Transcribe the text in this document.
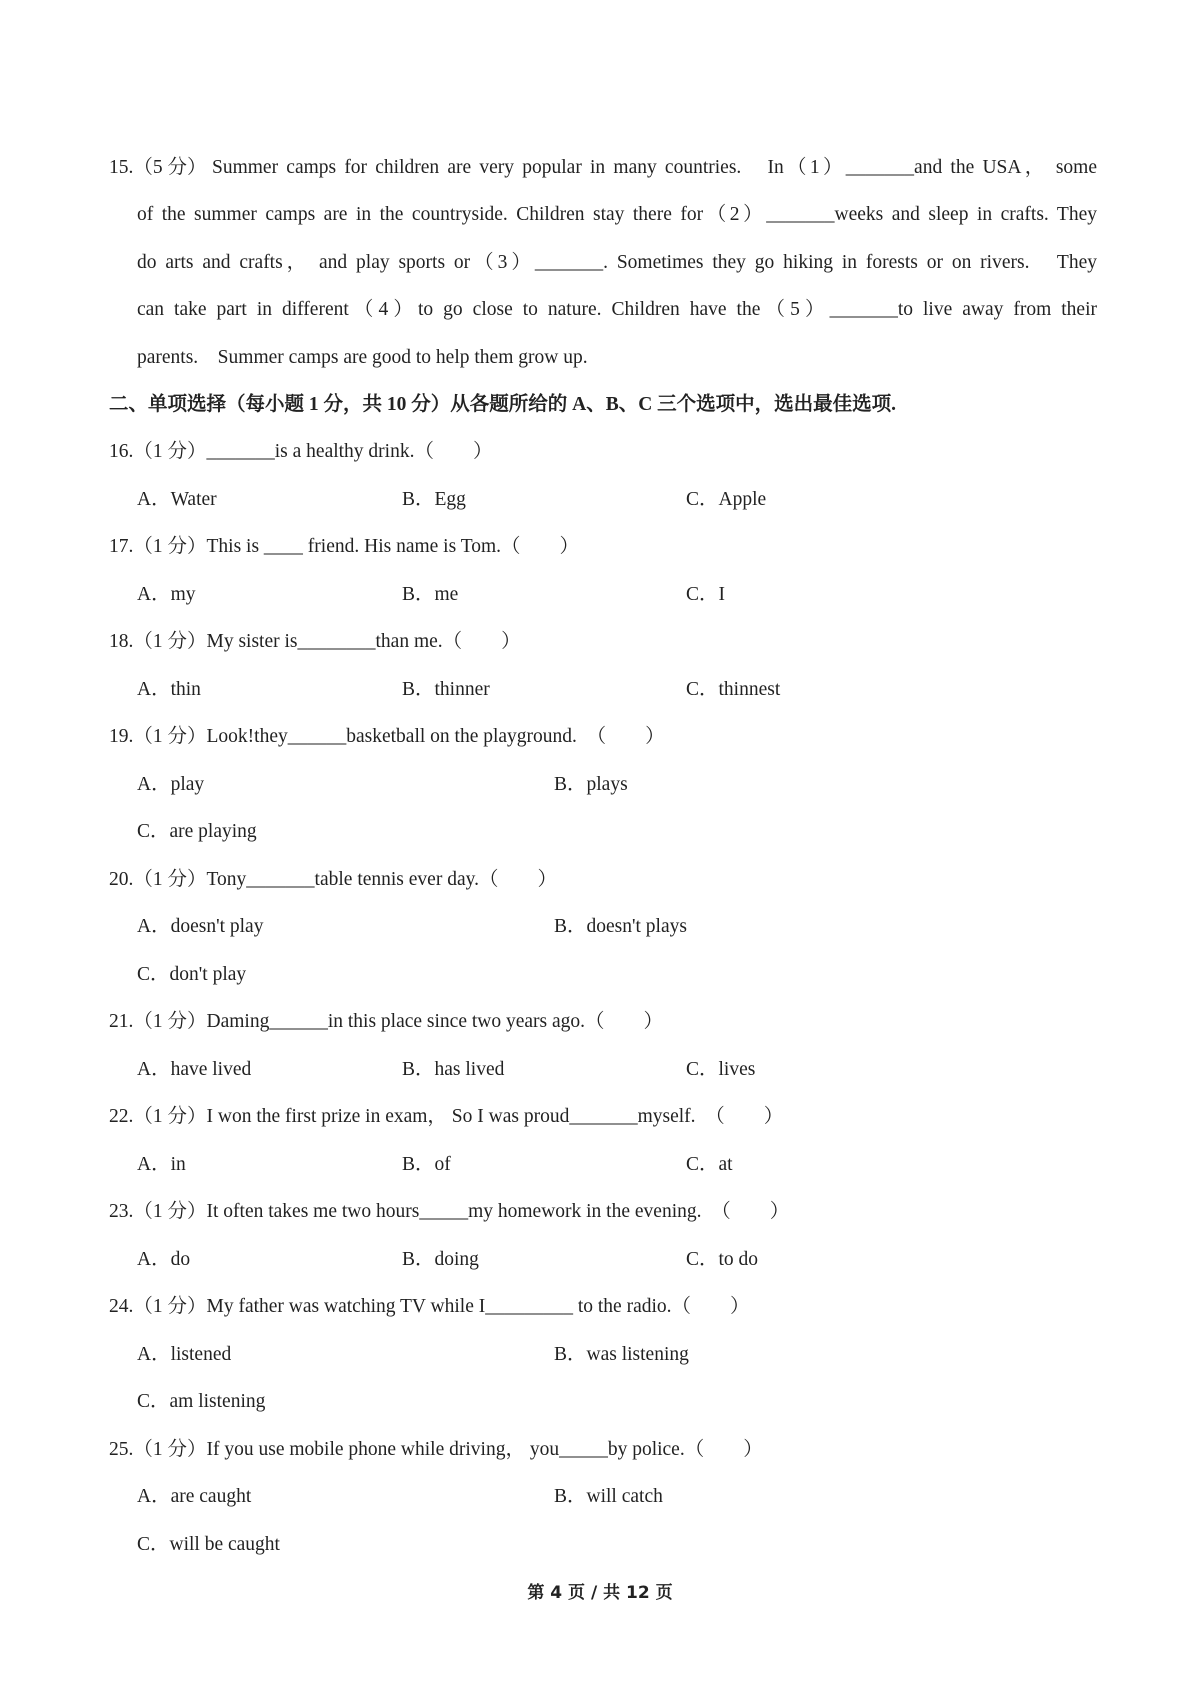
15.（5 分） Summer camps for children are very popular in many countries.　In（1）_______and the USA， some
of the summer camps are in the countryside. Children stay there for（2）_______weeks and sleep in crafts. They
do arts and crafts， and play sports or（3）_______. Sometimes they go hiking in forests or on rivers.　They
can take part in different（4）to go close to nature. Children have the（5）_______to live away from their
parents.　Summer camps are good to help them grow up.
二、单项选择（每小题 1 分，共 10 分）从各题所给的 A、B、C 三个选项中，选出最佳选项.
16.（1 分）_______is a healthy drink.（　　）
A．Water	B．Egg	C．Apple
17.（1 分）This is ____ friend. His name is Tom.（　　）
A．my	B．me	C．I
18.（1 分）My sister is________than me.（　　）
A．thin	B．thinner	C．thinnest
19.（1 分）Look!they______basketball on the playground.　（　　）
A．play	B．plays
C．are playing
20.（1 分）Tony_______table tennis ever day.（　　）
A．doesn't play	B．doesn't plays
C．don't play
21.（1 分）Daming______in this place since two years ago.（　　）
A．have lived	B．has lived	C．lives
22.（1 分）I won the first prize in exam， So I was proud_______myself.　（　　）
A．in	B．of	C．at
23.（1 分）It often takes me two hours_____my homework in the evening.　（　　）
A．do	B．doing	C．to do
24.（1 分）My father was watching TV while I_________ to the radio.（　　）
A．listened	B．was listening
C．am listening
25.（1 分）If you use mobile phone while driving， you_____by police.（　　）
A．are caught	B．will catch
C．will be caught
第 4 页 / 共 12 页
